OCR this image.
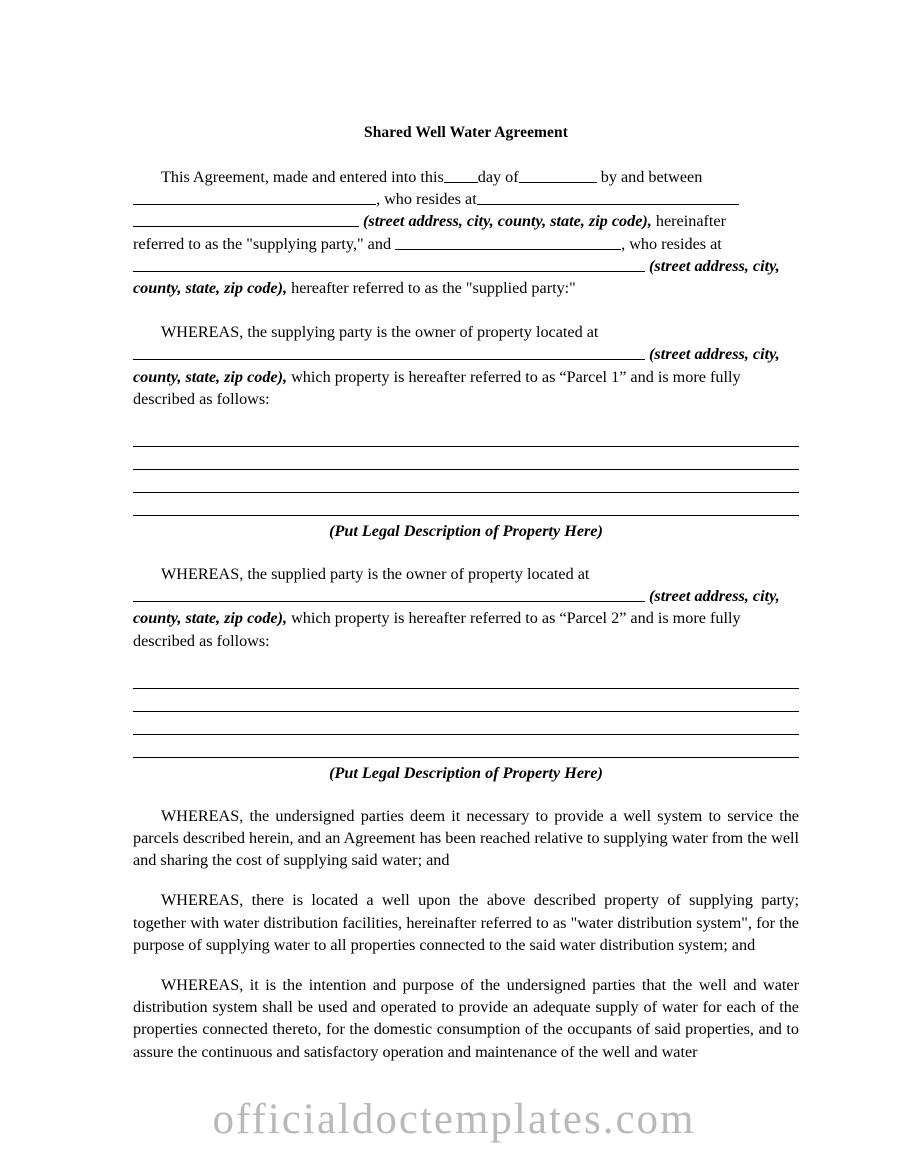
Shared Well Water Agreement

This Agreement, made and entered into this day of	by and between
, who resides at
(street address, city, county, state, zip code), hereinafter
referred to as the "supplying party," and	, who resides at
(street address, city,
county, state, zip code), hereafter referred to as the "supplied party:"

WHEREAS, the supplying party is the owner of property located at
(street address, city,
county, state, zip code), which property is hereafter referred to as “Parcel 1” and is more fully
described as follows:

(Put Legal Description of Property Here)

WHEREAS, the supplied party is the owner of property located at
(street address, city,
county, state, zip code), which property is hereafter referred to as “Parcel 2” and is more fully
described as follows:

(Put Legal Description of Property Here)

WHEREAS, the undersigned parties deem it necessary to provide a well system to service the parcels described herein, and an Agreement has been reached relative to supplying water from the well and sharing the cost of supplying said water; and

WHEREAS, there is located a well upon the above described property of supplying party; together with water distribution facilities, hereinafter referred to as "water distribution system", for the purpose of supplying water to all properties connected to the said water distribution system; and

WHEREAS, it is the intention and purpose of the undersigned parties that the well and water distribution system shall be used and operated to provide an adequate supply of water for each of the properties connected thereto, for the domestic consumption of the occupants of said properties, and to assure the continuous and satisfactory operation and maintenance of the well and water

officialdoctemplates.com
